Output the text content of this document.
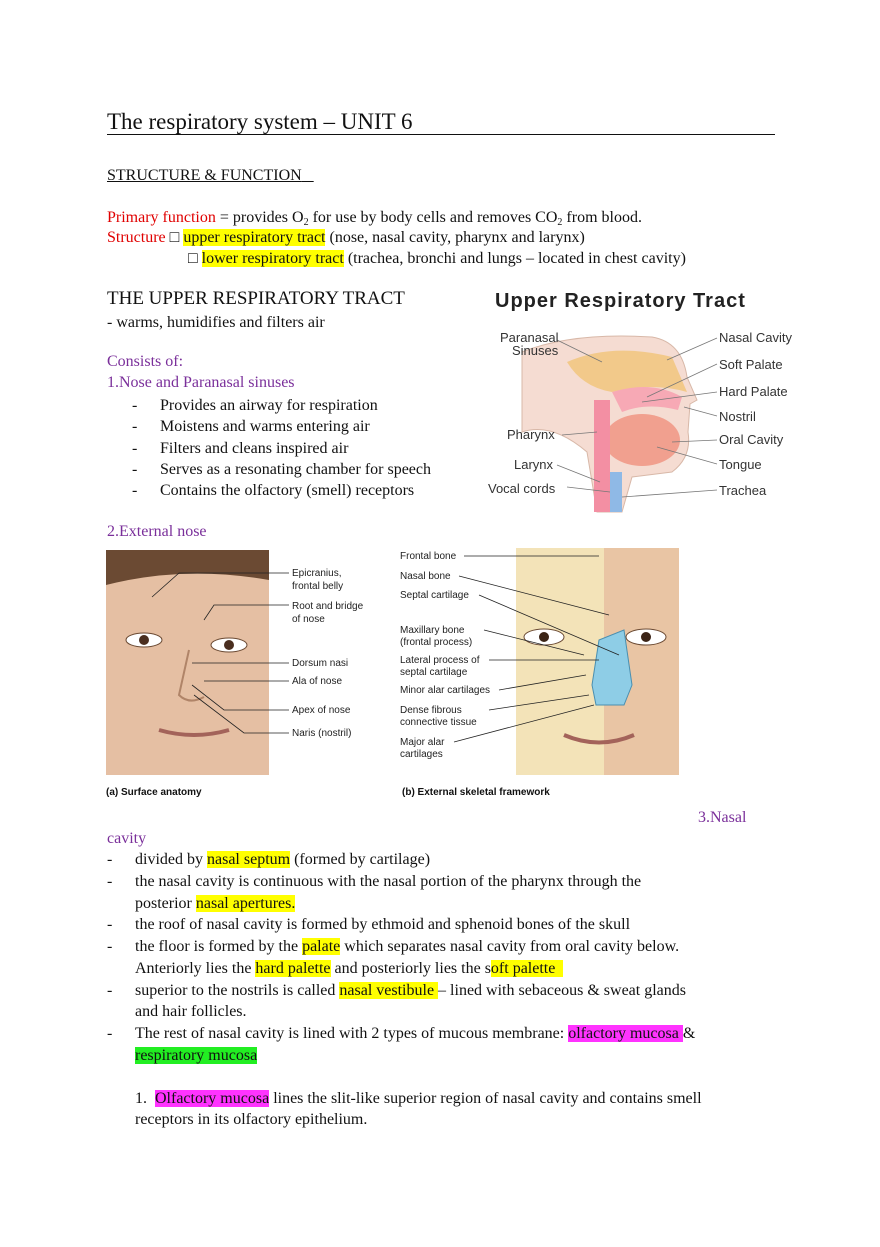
The respiratory system – UNIT 6
STRUCTURE & FUNCTION
Primary function = provides $O_2$ for use by body cells and removes $CO_2$ from blood.
Structure □ upper respiratory tract (nose, nasal cavity, pharynx and larynx)
□ lower respiratory tract (trachea, bronchi and lungs – located in chest cavity)
THE UPPER RESPIRATORY TRACT
- warms, humidifies and filters air
Consists of:
1.Nose and Paranasal sinuses
- Provides an airway for respiration
- Moistens and warms entering air
- Filters and cleans inspired air
- Serves as a resonating chamber for speech
- Contains the olfactory (smell) receptors
Upper Respiratory Tract
Paranasal
Sinuses
Pharynx
Larynx
Vocal cords
Nasal Cavity
Soft Palate
Hard Palate
Nostril
Oral Cavity
Tongue
Trachea
2.External nose
Epicranius,
frontal belly
Root and bridge
of nose
Dorsum nasi
Ala of nose
Apex of nose
Naris (nostril)
Frontal bone
Nasal bone
Septal cartilage
Maxillary bone
(frontal process)
Lateral process of
septal cartilage
Minor alar cartilages
Dense fibrous
connective tissue
Major alar
cartilages
(a) Surface anatomy	(b) External skeletal framework
3.Nasal
cavity
- divided by nasal septum (formed by cartilage)
- the nasal cavity is continuous with the nasal portion of the pharynx through the
posterior nasal apertures.
- the roof of nasal cavity is formed by ethmoid and sphenoid bones of the skull
- the floor is formed by the palate which separates nasal cavity from oral cavity below.
Anteriorly lies the hard palette and posteriorly lies the soft palette
- superior to the nostrils is called nasal vestibule – lined with sebaceous & sweat glands
and hair follicles.
- The rest of nasal cavity is lined with 2 types of mucous membrane: olfactory mucosa &
respiratory mucosa
1. Olfactory mucosa lines the slit-like superior region of nasal cavity and contains smell
receptors in its olfactory epithelium.
